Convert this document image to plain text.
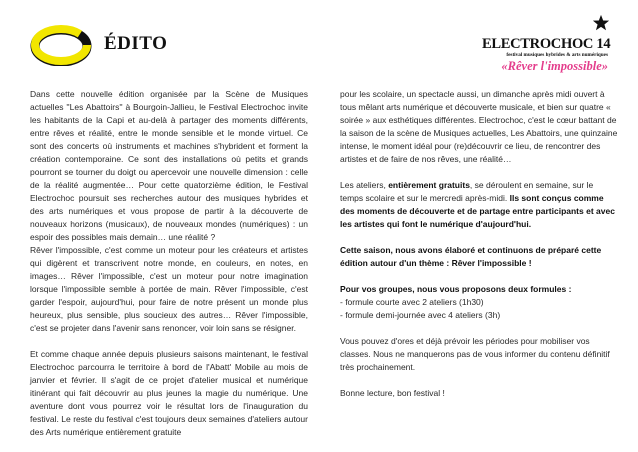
ÉDITO	ELECTROCHOC 14
festival musiques hybrides & arts numériques
«Rêver l'impossible»

Dans cette nouvelle édition organisée par la Scène de Musiques actuelles ''Les Abattoirs'' à Bourgoin-Jallieu, le Festival Electrochoc invite les habitants de la Capi et au-delà à partager des moments différents, entre rêves et réalité, entre le monde sensible et le monde virtuel. Ce sont des concerts où instruments et machines s'hybrident et forment la création contemporaine. Ce sont des installations où petits et grands pourront se tourner du doigt ou apercevoir une nouvelle dimension : celle de la réalité augmentée… Pour cette quatorzième édition, le Festival Electrochoc poursuit ses recherches autour des musiques hybrides et des arts numériques et vous propose de partir à la découverte de nouveaux horizons (musicaux), de nouveaux mondes (numériques) : un espoir des possibles mais demain… une réalité ?

Rêver l'impossible, c'est comme un moteur pour les créateurs et artistes qui digèrent et transcrivent notre monde, en couleurs, en notes, en images… Rêver l'impossible, c'est un moteur pour notre imagination lorsque l'impossible semble à portée de main. Rêver l'impossible, c'est garder l'espoir, aujourd'hui, pour faire de notre présent un monde plus heureux, plus sensible, plus soucieux des autres… Rêver l'impossible, c'est se projeter dans l'avenir sans renoncer, voir loin sans se résigner.

Et comme chaque année depuis plusieurs saisons maintenant, le festival Electrochoc parcourra le territoire à bord de l'Abatt' Mobile au mois de janvier et février. Il s'agit de ce projet d'atelier musical et numérique itinérant qui fait découvrir au plus jeunes la magie du numérique. Une aventure dont vous pourrez voir le résultat lors de l'inauguration du festival. Le reste du festival c'est toujours deux semaines d'ateliers autour des Arts numérique entièrement gratuite

pour les scolaire, un spectacle aussi, un dimanche après midi ouvert à tous mêlant arts numérique et découverte musicale, et bien sur quatre « soirée » aux esthétiques différentes. Electrochoc, c'est le cœur battant de la saison de la scène de Musiques actuelles, Les Abattoirs, une quinzaine intense, le moment idéal pour (re)découvrir ce lieu, de rencontrer des artistes et de faire de nos rêves, une réalité…

Les ateliers, entièrement gratuits, se déroulent en semaine, sur le temps scolaire et sur le mercredi après-midi. Ils sont conçus comme des moments de découverte et de partage entre participants et avec les artistes qui font le numérique d'aujourd'hui.

Cette saison, nous avons élaboré et continuons de préparé cette édition autour d'un thème : Rêver l'impossible !

Pour vos groupes, nous vous proposons deux formules :

- formule courte avec 2 ateliers (1h30)

- formule demi-journée avec 4 ateliers (3h)

Vous pouvez d'ores et déjà prévoir les périodes pour mobiliser vos classes. Nous ne manquerons pas de vous informer du contenu définitif très prochainement.

Bonne lecture, bon festival !
